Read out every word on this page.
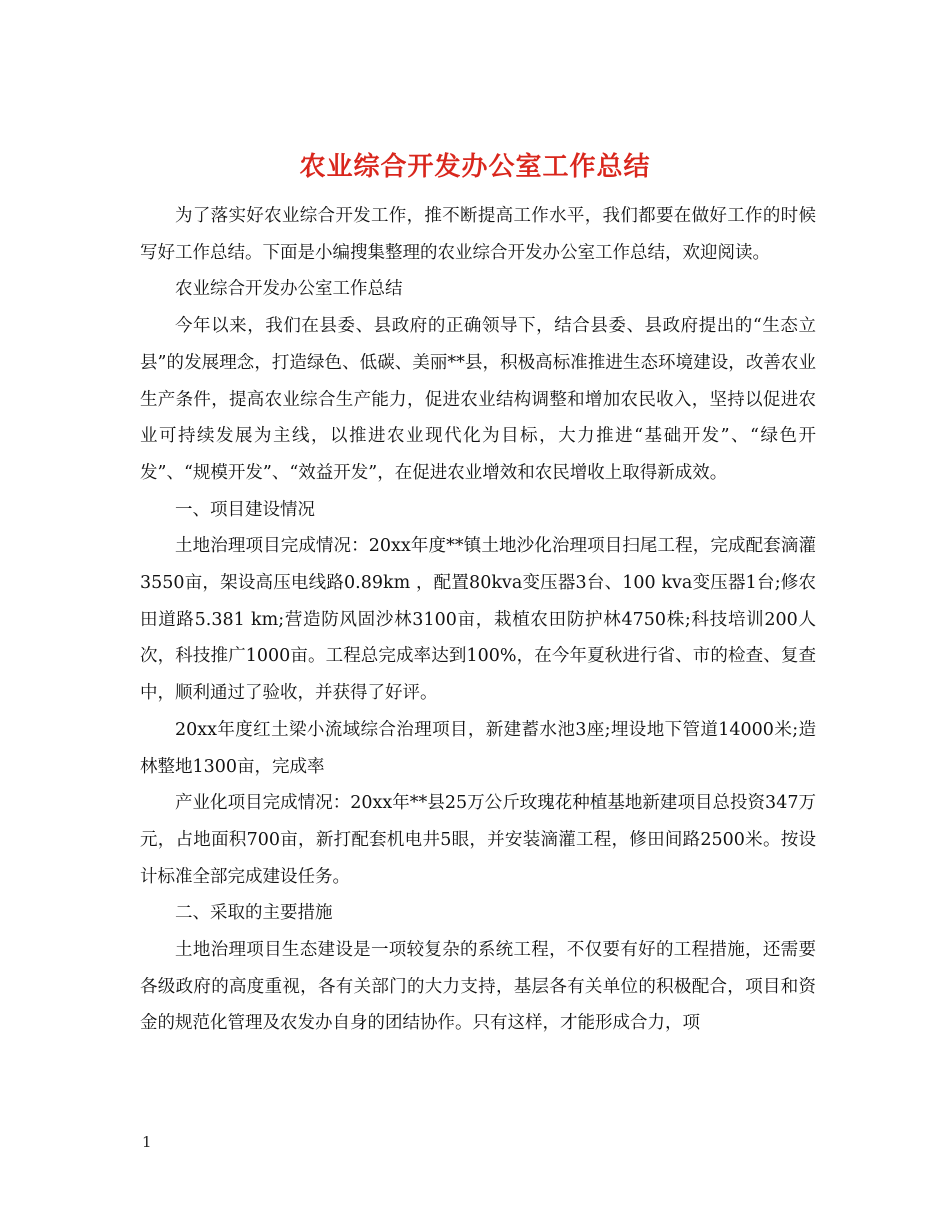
农业综合开发办公室工作总结

为了落实好农业综合开发工作，推不断提高工作水平，我们都要在做好工作的时候写好工作总结。下面是小编搜集整理的农业综合开发办公室工作总结，欢迎阅读。

农业综合开发办公室工作总结

今年以来，我们在县委、县政府的正确领导下，结合县委、县政府提出的“生态立县”的发展理念，打造绿色、低碳、美丽**县，积极高标准推进生态环境建设，改善农业生产条件，提高农业综合生产能力，促进农业结构调整和增加农民收入，坚持以促进农业可持续发展为主线，以推进农业现代化为目标，大力推进“基础开发”、“绿色开发”、“规模开发”、“效益开发”，在促进农业增效和农民增收上取得新成效。

一、项目建设情况

土地治理项目完成情况：20xx年度**镇土地沙化治理项目扫尾工程，完成配套滴灌3550亩，架设高压电线路0.89km ，配置80kva变压器3台、100 kva变压器1台;修农田道路5.381 km;营造防风固沙林3100亩，栽植农田防护林4750株;科技培训200人次，科技推广1000亩。工程总完成率达到100%，在今年夏秋进行省、市的检查、复查中，顺利通过了验收，并获得了好评。

20xx年度红土梁小流域综合治理项目，新建蓄水池3座;埋设地下管道14000米;造林整地1300亩，完成率

产业化项目完成情况：20xx年**县25万公斤玫瑰花种植基地新建项目总投资347万元，占地面积700亩，新打配套机电井5眼，并安装滴灌工程，修田间路2500米。按设计标准全部完成建设任务。

二、采取的主要措施

土地治理项目生态建设是一项较复杂的系统工程，不仅要有好的工程措施，还需要各级政府的高度重视，各有关部门的大力支持，基层各有关单位的积极配合，项目和资金的规范化管理及农发办自身的团结协作。只有这样，才能形成合力，项

1
